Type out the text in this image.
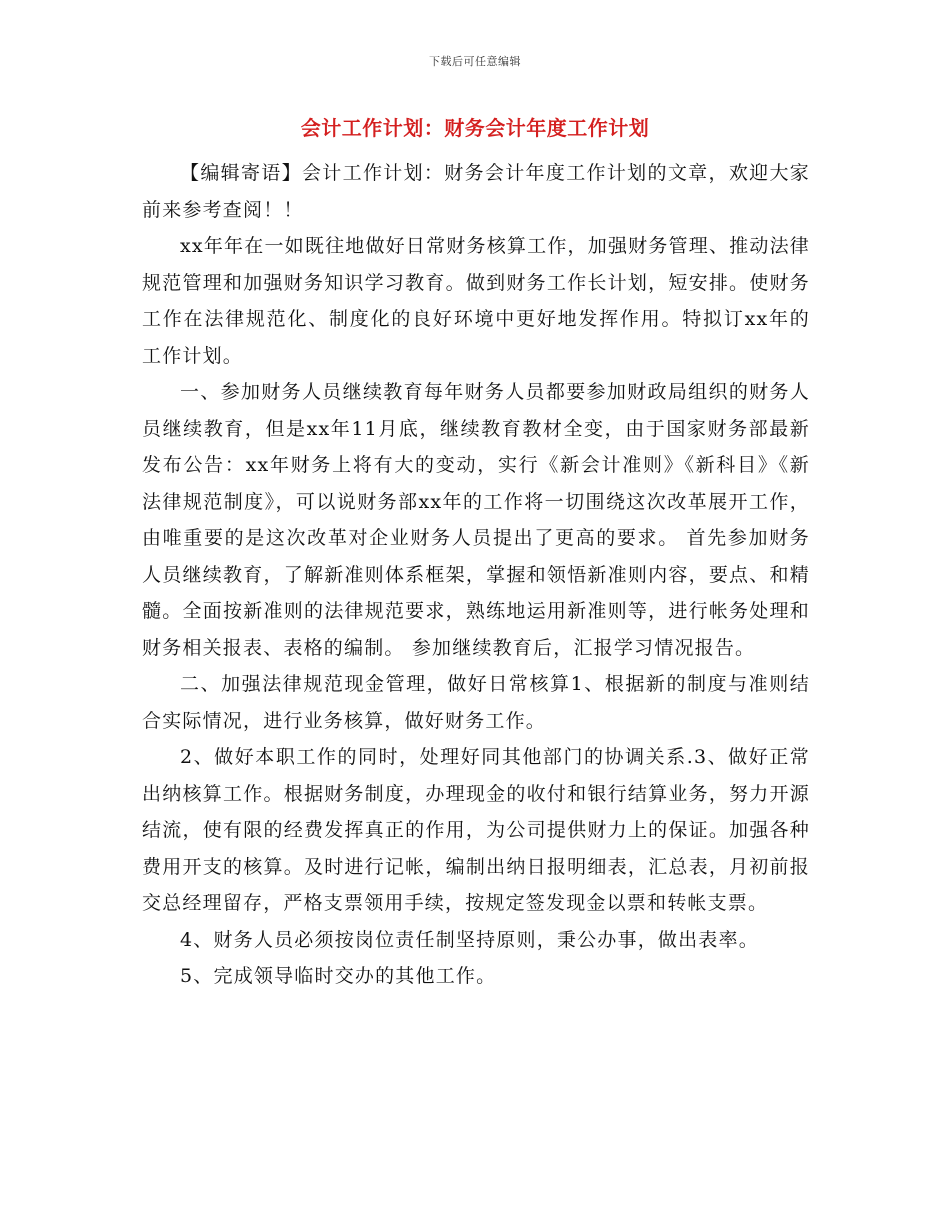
下载后可任意编辑
会计工作计划：财务会计年度工作计划

【编辑寄语】会计工作计划：财务会计年度工作计划的文章，欢迎大家前来参考查阅！！

xx年年在一如既往地做好日常财务核算工作，加强财务管理、推动法律规范管理和加强财务知识学习教育。做到财务工作长计划，短安排。使财务工作在法律规范化、制度化的良好环境中更好地发挥作用。特拟订xx年的工作计划。

一、参加财务人员继续教育每年财务人员都要参加财政局组织的财务人员继续教育，但是xx年11月底，继续教育教材全变，由于国家财务部最新发布公告：xx年财务上将有大的变动，实行《新会计准则》《新科目》《新法律规范制度》，可以说财务部xx年的工作将一切围绕这次改革展开工作，由唯重要的是这次改革对企业财务人员提出了更高的要求。 首先参加财务人员继续教育，了解新准则体系框架，掌握和领悟新准则内容，要点、和精髓。全面按新准则的法律规范要求，熟练地运用新准则等，进行帐务处理和财务相关报表、表格的编制。 参加继续教育后，汇报学习情况报告。

二、加强法律规范现金管理，做好日常核算1、根据新的制度与准则结合实际情况，进行业务核算，做好财务工作。

2、做好本职工作的同时，处理好同其他部门的协调关系.3、做好正常出纳核算工作。根据财务制度，办理现金的收付和银行结算业务，努力开源结流，使有限的经费发挥真正的作用，为公司提供财力上的保证。加强各种费用开支的核算。及时进行记帐，编制出纳日报明细表，汇总表，月初前报交总经理留存，严格支票领用手续，按规定签发现金以票和转帐支票。

4、财务人员必须按岗位责任制坚持原则，秉公办事，做出表率。

5、完成领导临时交办的其他工作。
